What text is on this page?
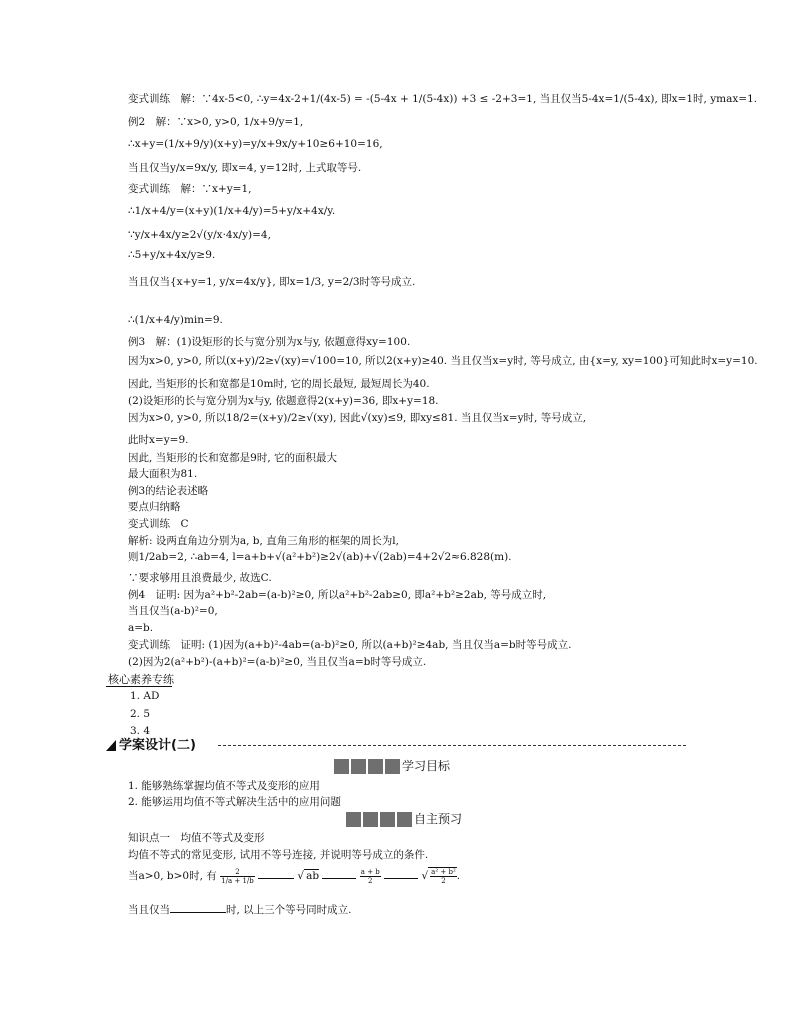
变式训练　解：∵4x-5<0, ∴y=4x-2+1/(4x-5) = -(5-4x + 1/(5-4x)) +3 ≤ -2+3=1, 当且仅当5-4x=1/(5-4x), 即x=1时, ymax=1.
例2　解：∵x>0, y>0, 1/x+9/y=1,
∴x+y=(1/x+9/y)(x+y)=y/x+9x/y+10≥6+10=16,
当且仅当y/x=9x/y, 即x=4, y=12时, 上式取等号.
变式训练　解：∵x+y=1,
∴1/x+4/y=(x+y)(1/x+4/y)=5+y/x+4x/y.
∵y/x+4x/y≥2√(y/x·4x/y)=4,
∴5+y/x+4x/y≥9.
当且仅当{x+y=1, y/x=4x/y}, 即x=1/3, y=2/3时等号成立.
∴(1/x+4/y)min=9.
例3　解：(1)设矩形的长与宽分别为x与y, 依题意得xy=100.
因为x>0, y>0, 所以(x+y)/2≥√(xy)=√100=10, 所以2(x+y)≥40. 当且仅当x=y时, 等号成立, 由{x=y, xy=100}可知此时x=y=10.
因此, 当矩形的长和宽都是10m时, 它的周长最短, 最短周长为40.
(2)设矩形的长与宽分别为x与y, 依题意得2(x+y)=36, 即x+y=18.
因为x>0, y>0, 所以18/2=(x+y)/2≥√(xy), 因此√(xy)≤9, 即xy≤81. 当且仅当x=y时, 等号成立,
此时x=y=9.
因此, 当矩形的长和宽都是9时, 它的面积最大
最大面积为81.
例3的结论表述略
要点归纳略
变式训练　C
解析: 设两直角边分别为a, b, 直角三角形的框架的周长为l,
则1/2ab=2, ∴ab=4, l=a+b+√(a²+b²)≥2√(ab)+√(2ab)=4+2√2≈6.828(m).
∵要求够用且浪费最少, 故选C.
例4　证明: 因为a²+b²-2ab=(a-b)²≥0, 所以a²+b²-2ab≥0, 即a²+b²≥2ab, 等号成立时,
当且仅当(a-b)²=0,
a=b.
变式训练　证明: (1)因为(a+b)²-4ab=(a-b)²≥0, 所以(a+b)²≥4ab, 当且仅当a=b时等号成立.
(2)因为2(a²+b²)-(a+b)²=(a-b)²≥0, 当且仅当a=b时等号成立.
核心素养专练
1. AD
2. 5
3. 4
学案设计(二)
学习目标
1. 能够熟练掌握均值不等式及变形的应用
2. 能够运用均值不等式解决生活中的应用问题
自主预习
知识点一　均值不等式及变形
均值不等式的常见变形, 试用不等号连接, 并说明等号成立的条件.
当a>0, b>0时, 有 $\frac{2}{1/a + 1/b}$	√ ab	$\frac{a + b}{2}$	√ $\frac{\text{a² + b²}}{2}$ .
当且仅当	时, 以上三个等号同时成立.
